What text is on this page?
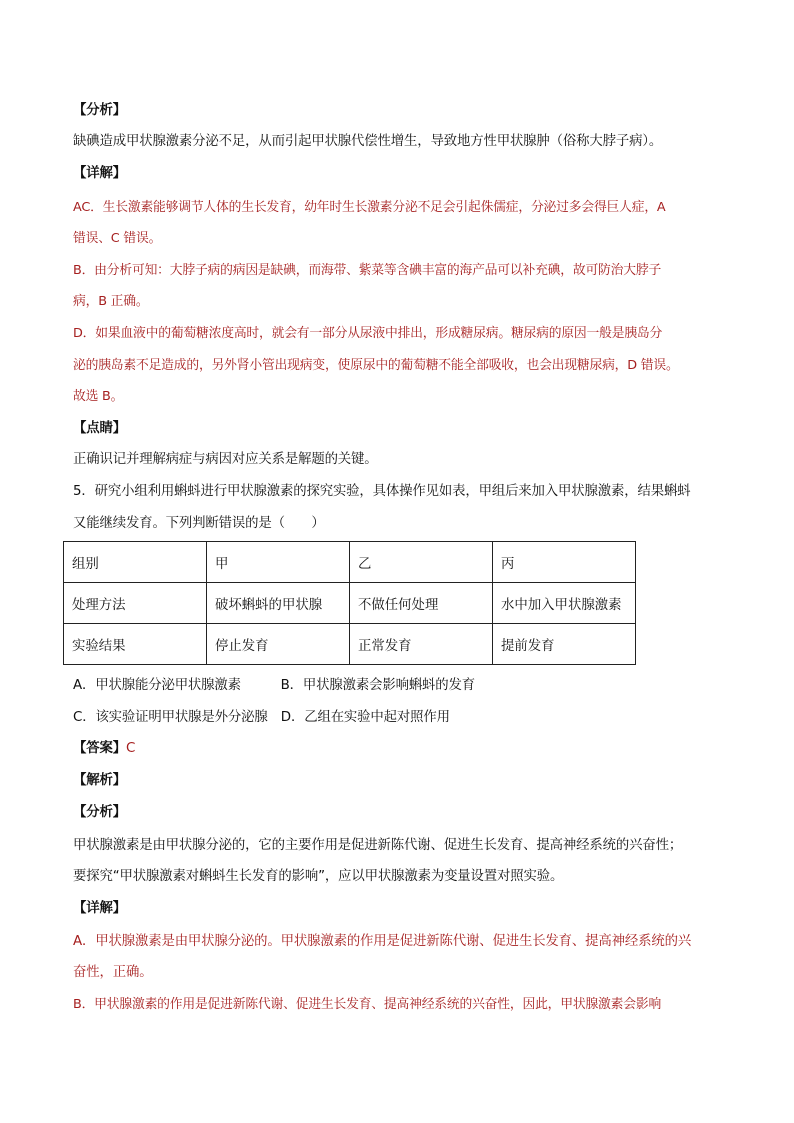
【分析】
缺碘造成甲状腺激素分泌不足，从而引起甲状腺代偿性增生，导致地方性甲状腺肿（俗称大脖子病）。
【详解】
AC．生长激素能够调节人体的生长发育，幼年时生长激素分泌不足会引起侏儒症，分泌过多会得巨人症，A
错误、C 错误。
B．由分析可知：大脖子病的病因是缺碘，而海带、紫菜等含碘丰富的海产品可以补充碘，故可防治大脖子
病，B 正确。
D．如果血液中的葡萄糖浓度高时，就会有一部分从尿液中排出，形成糖尿病。糖尿病的原因一般是胰岛分
泌的胰岛素不足造成的，另外肾小管出现病变，使原尿中的葡萄糖不能全部吸收，也会出现糖尿病，D 错误。
故选 B。
【点睛】
正确识记并理解病症与病因对应关系是解题的关键。
5．研究小组利用蝌蚪进行甲状腺激素的探究实验，具体操作见如表，甲组后来加入甲状腺激素，结果蝌蚪
又能继续发育。下列判断错误的是（　　）
组别	甲	乙	丙
处理方法	破坏蝌蚪的甲状腺	不做任何处理	水中加入甲状腺激素
实验结果	停止发育	正常发育	提前发育
A．甲状腺能分泌甲状腺激素　　　B．甲状腺激素会影响蝌蚪的发育
C．该实验证明甲状腺是外分泌腺　D．乙组在实验中起对照作用
【答案】C
【解析】
【分析】
甲状腺激素是由甲状腺分泌的，它的主要作用是促进新陈代谢、促进生长发育、提高神经系统的兴奋性；
要探究“甲状腺激素对蝌蚪生长发育的影响”，应以甲状腺激素为变量设置对照实验。
【详解】
A．甲状腺激素是由甲状腺分泌的。甲状腺激素的作用是促进新陈代谢、促进生长发育、提高神经系统的兴
奋性，正确。
B．甲状腺激素的作用是促进新陈代谢、促进生长发育、提高神经系统的兴奋性，因此，甲状腺激素会影响
